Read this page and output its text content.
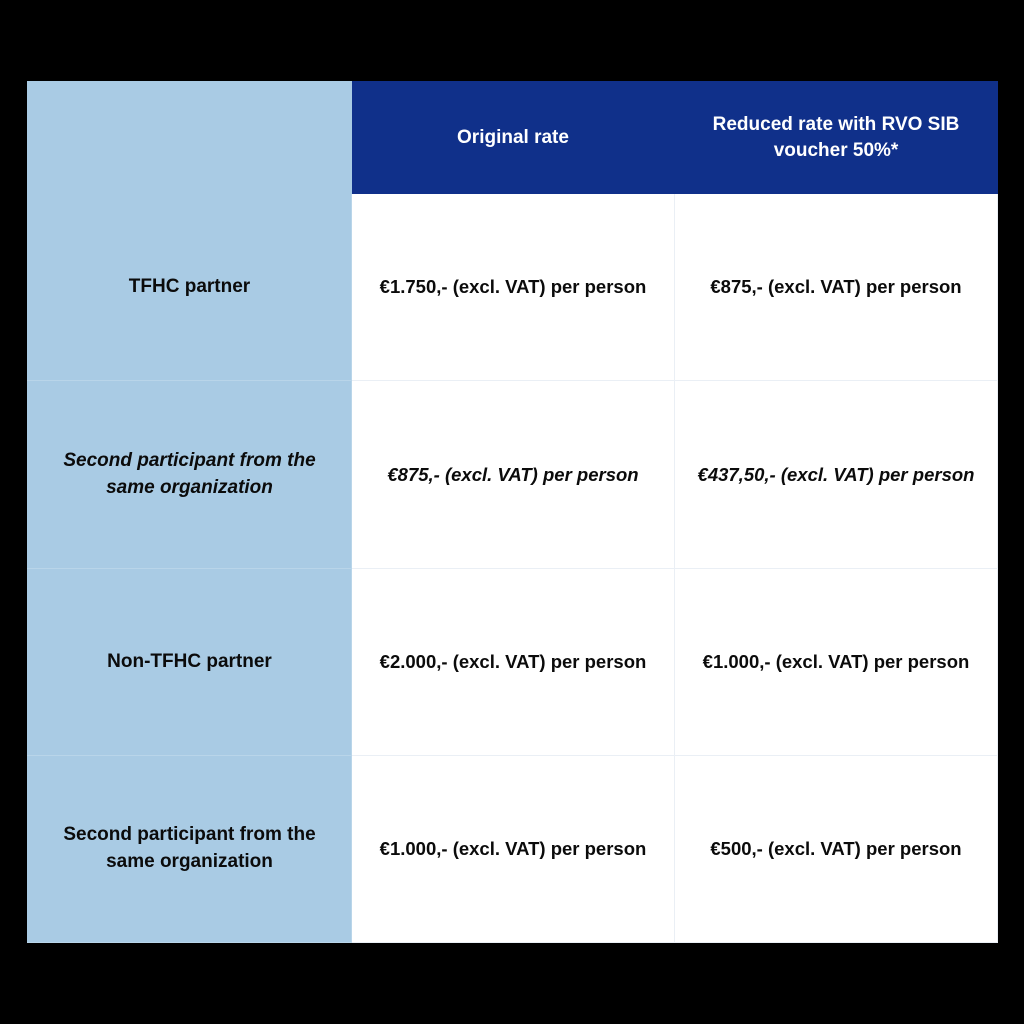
	Original rate	Reduced rate with RVO SIB voucher 50%*
TFHC partner	€1.750,- (excl. VAT) per person	€875,- (excl. VAT) per person
Second participant from the same organization	€875,- (excl. VAT) per person	€437,50,- (excl. VAT) per person
Non-TFHC partner	€2.000,- (excl. VAT) per person	€1.000,- (excl. VAT) per person
Second participant from the same organization	€1.000,- (excl. VAT) per person	€500,- (excl. VAT) per person
